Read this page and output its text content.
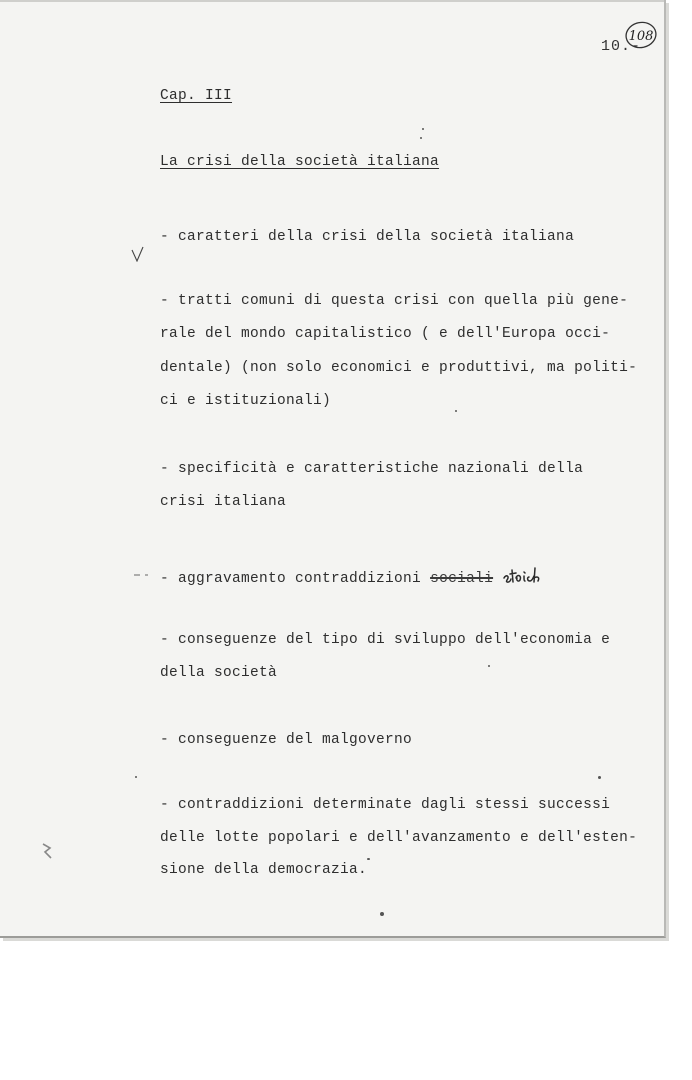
10.-
108
Cap. III
La crisi della società italiana
- caratteri della crisi della società italiana
- tratti comuni di questa crisi con quella più gene-
rale del mondo capitalistico ( e dell'Europa occi-
dentale) (non solo economici e produttivi, ma politi-
ci e istituzionali)
- specificità e caratteristiche nazionali della
crisi italiana
- aggravamento contraddizioni sociali
- conseguenze del tipo di sviluppo dell'economia e
della società
- conseguenze del malgoverno
- contraddizioni determinate dagli stessi successi
delle lotte popolari e dell'avanzamento e dell'esten-
sione della democrazia.
